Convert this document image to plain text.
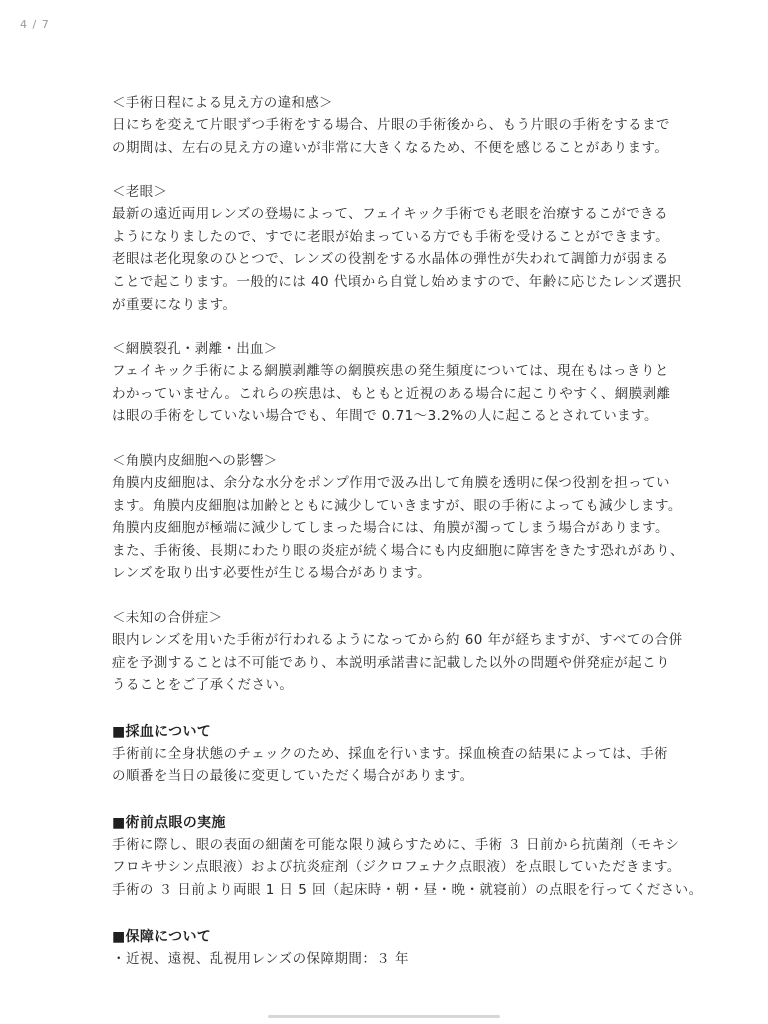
4 / 7

＜手術日程による見え方の違和感＞

日にちを変えて片眼ずつ手術をする場合、片眼の手術後から、もう片眼の手術をするまで
の期間は、左右の見え方の違いが非常に大きくなるため、不便を感じることがあります。

＜老眼＞

最新の遠近両用レンズの登場によって、フェイキック手術でも老眼を治療するこができる
ようになりましたので、すでに老眼が始まっている方でも手術を受けることができます。
老眼は老化現象のひとつで、レンズの役割をする水晶体の弾性が失われて調節力が弱まる
ことで起こります。一般的には 40 代頃から自覚し始めますので、年齢に応じたレンズ選択
が重要になります。

＜網膜裂孔・剥離・出血＞

フェイキック手術による網膜剥離等の網膜疾患の発生頻度については、現在もはっきりと
わかっていません。これらの疾患は、もともと近視のある場合に起こりやすく、網膜剥離
は眼の手術をしていない場合でも、年間で 0.71〜3.2%の人に起こるとされています。

＜角膜内皮細胞への影響＞

角膜内皮細胞は、余分な水分をポンプ作用で汲み出して角膜を透明に保つ役割を担ってい
ます。角膜内皮細胞は加齢とともに減少していきますが、眼の手術によっても減少します。
角膜内皮細胞が極端に減少してしまった場合には、角膜が濁ってしまう場合があります。
また、手術後、長期にわたり眼の炎症が続く場合にも内皮細胞に障害をきたす恐れがあり、
レンズを取り出す必要性が生じる場合があります。

＜未知の合併症＞

眼内レンズを用いた手術が行われるようになってから約 60 年が経ちますが、すべての合併
症を予測することは不可能であり、本説明承諾書に記載した以外の問題や併発症が起こり
うることをご了承ください。

■採血について

手術前に全身状態のチェックのため、採血を行います。採血検査の結果によっては、手術
の順番を当日の最後に変更していただく場合があります。

■術前点眼の実施

手術に際し、眼の表面の細菌を可能な限り減らすために、手術 ３ 日前から抗菌剤（モキシ
フロキサシン点眼液）および抗炎症剤（ジクロフェナク点眼液）を点眼していただきます。
手術の ３ 日前より両眼 1 日 5 回（起床時・朝・昼・晩・就寝前）の点眼を行ってください。

■保障について

・近視、遠視、乱視用レンズの保障期間：３ 年
